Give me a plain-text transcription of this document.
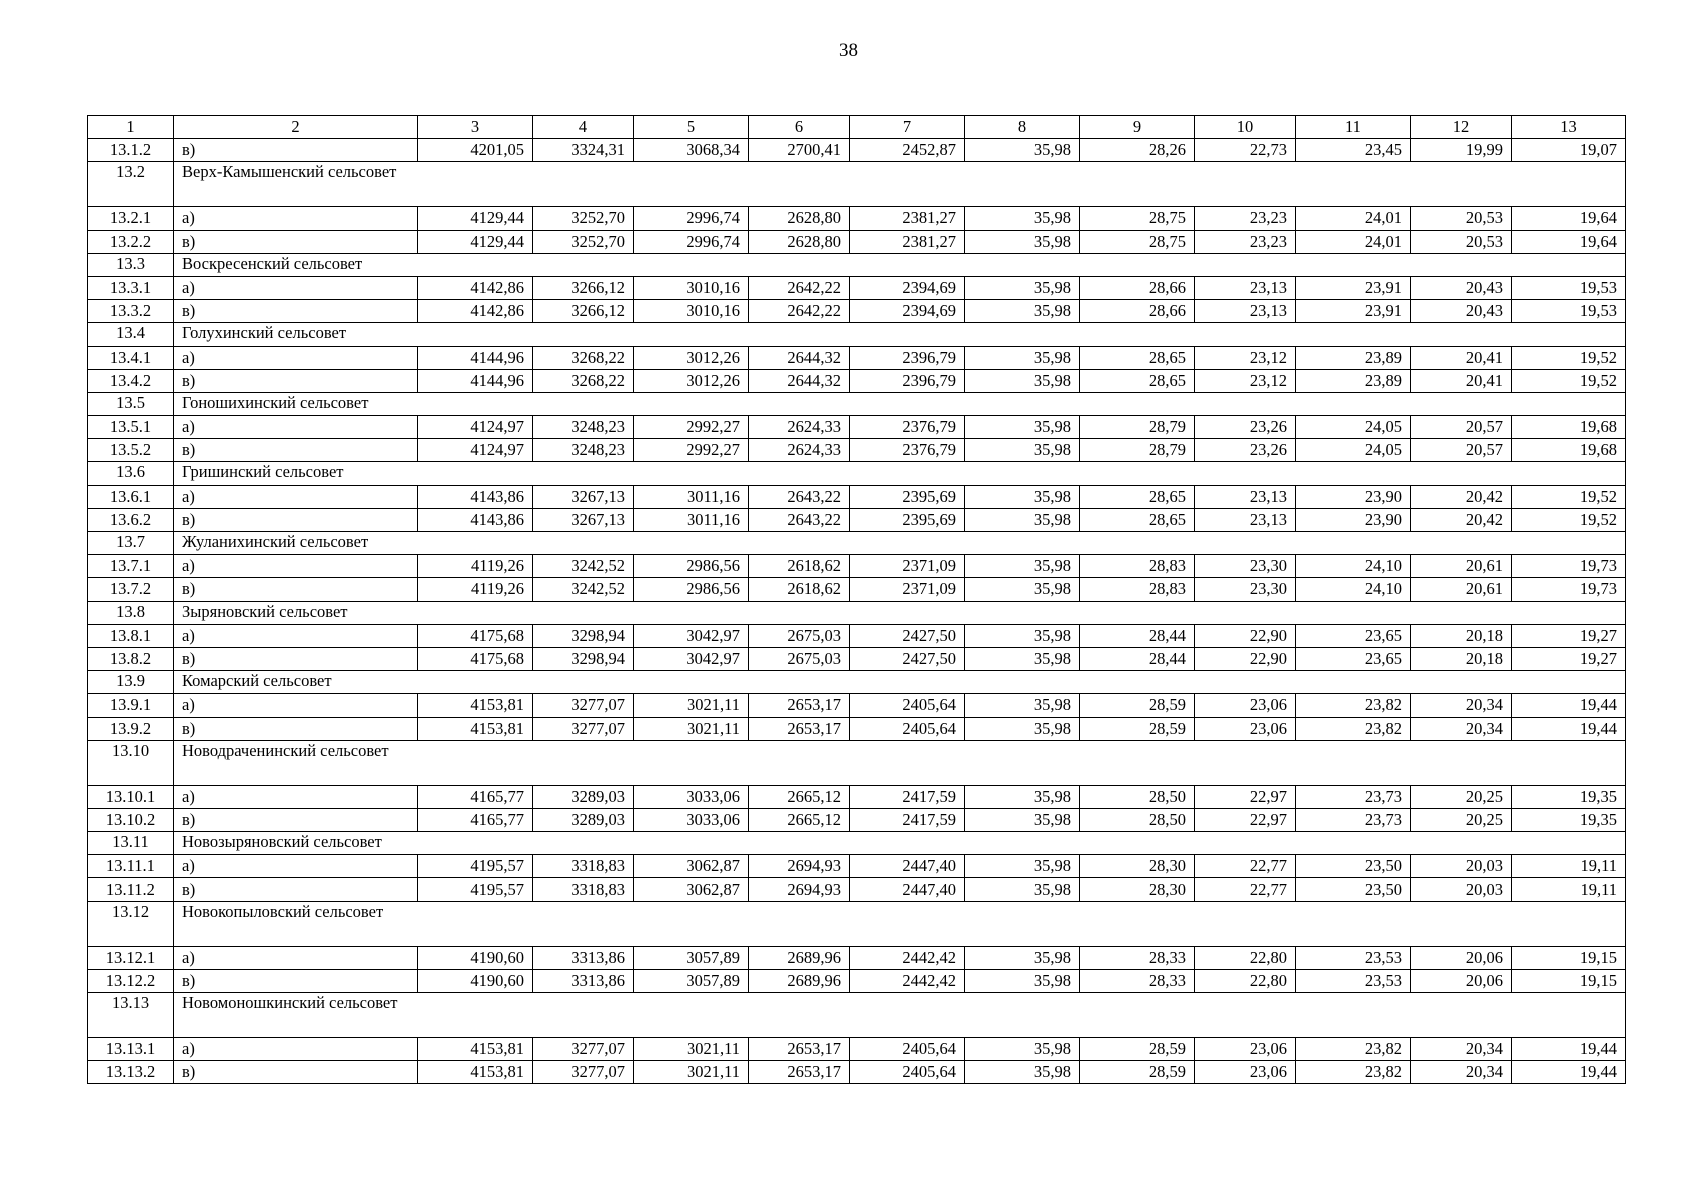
38
1	2	3	4	5	6	7	8	9	10	11	12	13
13.1.2	в)	4201,05	3324,31	3068,34	2700,41	2452,87	35,98	28,26	22,73	23,45	19,99	19,07
13.2	Верх-Камышенский сельсовет											
13.2.1	а)	4129,44	3252,70	2996,74	2628,80	2381,27	35,98	28,75	23,23	24,01	20,53	19,64
13.2.2	в)	4129,44	3252,70	2996,74	2628,80	2381,27	35,98	28,75	23,23	24,01	20,53	19,64
13.3	Воскресенский сельсовет											
13.3.1	а)	4142,86	3266,12	3010,16	2642,22	2394,69	35,98	28,66	23,13	23,91	20,43	19,53
13.3.2	в)	4142,86	3266,12	3010,16	2642,22	2394,69	35,98	28,66	23,13	23,91	20,43	19,53
13.4	Голухинский сельсовет											
13.4.1	а)	4144,96	3268,22	3012,26	2644,32	2396,79	35,98	28,65	23,12	23,89	20,41	19,52
13.4.2	в)	4144,96	3268,22	3012,26	2644,32	2396,79	35,98	28,65	23,12	23,89	20,41	19,52
13.5	Гоношихинский сельсовет											
13.5.1	а)	4124,97	3248,23	2992,27	2624,33	2376,79	35,98	28,79	23,26	24,05	20,57	19,68
13.5.2	в)	4124,97	3248,23	2992,27	2624,33	2376,79	35,98	28,79	23,26	24,05	20,57	19,68
13.6	Гришинский сельсовет											
13.6.1	а)	4143,86	3267,13	3011,16	2643,22	2395,69	35,98	28,65	23,13	23,90	20,42	19,52
13.6.2	в)	4143,86	3267,13	3011,16	2643,22	2395,69	35,98	28,65	23,13	23,90	20,42	19,52
13.7	Жуланихинский сельсовет											
13.7.1	а)	4119,26	3242,52	2986,56	2618,62	2371,09	35,98	28,83	23,30	24,10	20,61	19,73
13.7.2	в)	4119,26	3242,52	2986,56	2618,62	2371,09	35,98	28,83	23,30	24,10	20,61	19,73
13.8	Зыряновский сельсовет											
13.8.1	а)	4175,68	3298,94	3042,97	2675,03	2427,50	35,98	28,44	22,90	23,65	20,18	19,27
13.8.2	в)	4175,68	3298,94	3042,97	2675,03	2427,50	35,98	28,44	22,90	23,65	20,18	19,27
13.9	Комарский сельсовет											
13.9.1	а)	4153,81	3277,07	3021,11	2653,17	2405,64	35,98	28,59	23,06	23,82	20,34	19,44
13.9.2	в)	4153,81	3277,07	3021,11	2653,17	2405,64	35,98	28,59	23,06	23,82	20,34	19,44
13.10	Новодраченинский сельсовет											
13.10.1	а)	4165,77	3289,03	3033,06	2665,12	2417,59	35,98	28,50	22,97	23,73	20,25	19,35
13.10.2	в)	4165,77	3289,03	3033,06	2665,12	2417,59	35,98	28,50	22,97	23,73	20,25	19,35
13.11	Новозыряновский сельсовет											
13.11.1	а)	4195,57	3318,83	3062,87	2694,93	2447,40	35,98	28,30	22,77	23,50	20,03	19,11
13.11.2	в)	4195,57	3318,83	3062,87	2694,93	2447,40	35,98	28,30	22,77	23,50	20,03	19,11
13.12	Новокопыловский сельсовет											
13.12.1	а)	4190,60	3313,86	3057,89	2689,96	2442,42	35,98	28,33	22,80	23,53	20,06	19,15
13.12.2	в)	4190,60	3313,86	3057,89	2689,96	2442,42	35,98	28,33	22,80	23,53	20,06	19,15
13.13	Новомоношкинский сельсовет											
13.13.1	а)	4153,81	3277,07	3021,11	2653,17	2405,64	35,98	28,59	23,06	23,82	20,34	19,44
13.13.2	в)	4153,81	3277,07	3021,11	2653,17	2405,64	35,98	28,59	23,06	23,82	20,34	19,44
